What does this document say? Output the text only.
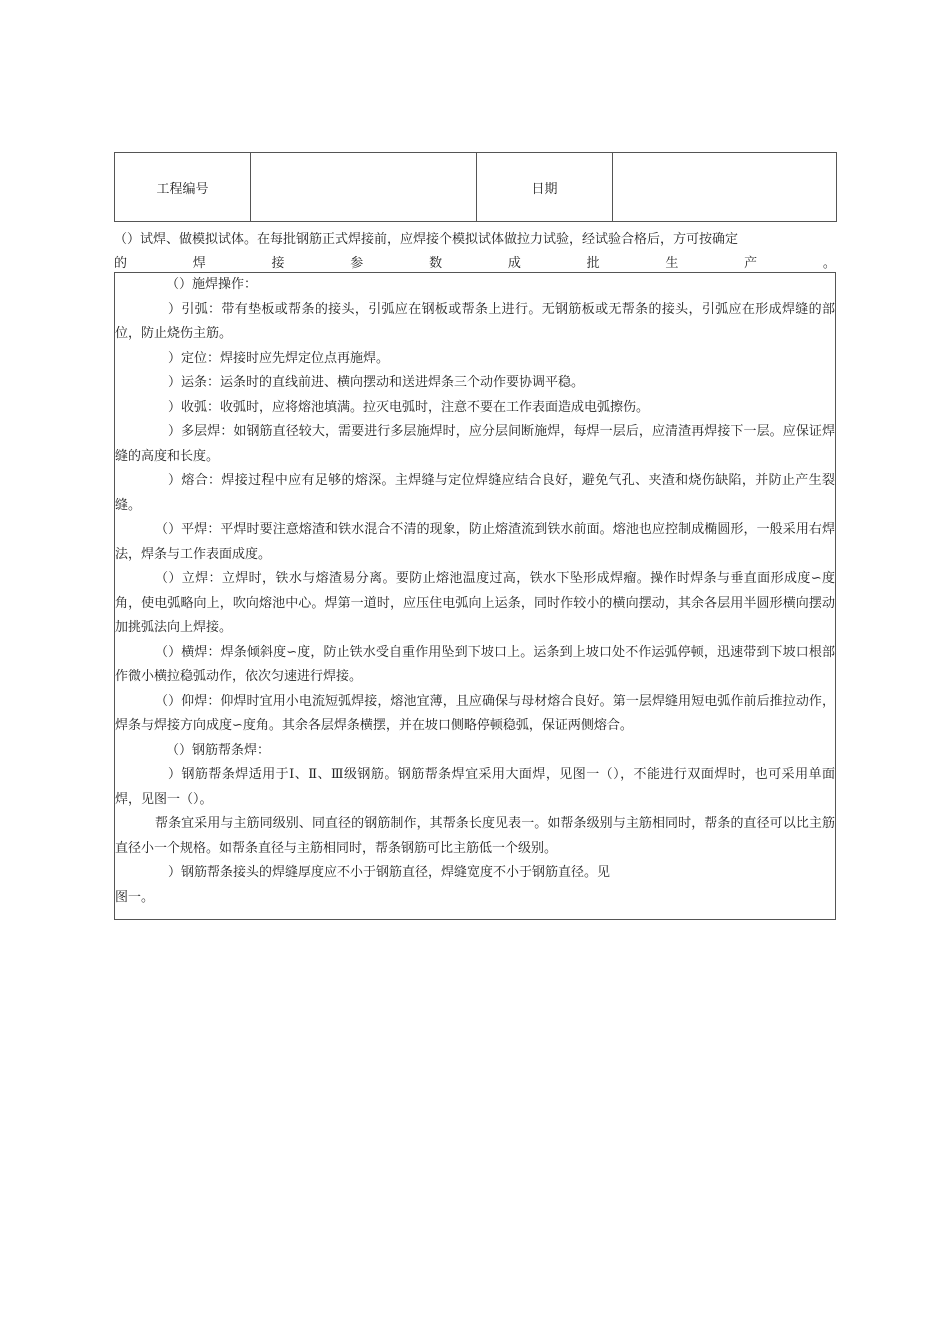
工程编号		日期	
（）试焊、做模拟试体。在每批钢筋正式焊接前，应焊接个模拟试体做拉力试验，经试验合格后，方可按确定
的	焊	接	参	数	成	批	生	产	。

（）施焊操作：

）引弧：带有垫板或帮条的接头，引弧应在钢板或帮条上进行。无钢筋板或无帮条的接头，引弧应在形成焊缝的部位，防止烧伤主筋。

）定位：焊接时应先焊定位点再施焊。

）运条：运条时的直线前进、横向摆动和送进焊条三个动作要协调平稳。

）收弧：收弧时，应将熔池填满。拉灭电弧时，注意不要在工作表面造成电弧擦伤。

）多层焊：如钢筋直径较大，需要进行多层施焊时，应分层间断施焊，每焊一层后，应清渣再焊接下一层。应保证焊缝的高度和长度。

）熔合：焊接过程中应有足够的熔深。主焊缝与定位焊缝应结合良好，避免气孔、夹渣和烧伤缺陷，并防止产生裂缝。

（）平焊：平焊时要注意熔渣和铁水混合不清的现象，防止熔渣流到铁水前面。熔池也应控制成椭圆形，一般采用右焊法，焊条与工作表面成度。

（）立焊：立焊时，铁水与熔渣易分离。要防止熔池温度过高，铁水下坠形成焊瘤。操作时焊条与垂直面形成度∽度角，使电弧略向上，吹向熔池中心。焊第一道时，应压住电弧向上运条，同时作较小的横向摆动，其余各层用半圆形横向摆动加挑弧法向上焊接。

（）横焊：焊条倾斜度∽度，防止铁水受自重作用坠到下坡口上。运条到上坡口处不作运弧停顿，迅速带到下坡口根部作微小横拉稳弧动作，依次匀速进行焊接。

（）仰焊：仰焊时宜用小电流短弧焊接，熔池宜薄，且应确保与母材熔合良好。第一层焊缝用短电弧作前后推拉动作，焊条与焊接方向成度∽度角。其余各层焊条横摆，并在坡口侧略停顿稳弧，保证两侧熔合。

（）钢筋帮条焊：

）钢筋帮条焊适用于Ⅰ、Ⅱ、Ⅲ级钢筋。钢筋帮条焊宜采用大面焊，见图一（），不能进行双面焊时，也可采用单面焊，见图一（）。

帮条宜采用与主筋同级别、同直径的钢筋制作，其帮条长度见表一。如帮条级别与主筋相同时，帮条的直径可以比主筋直径小一个规格。如帮条直径与主筋相同时，帮条钢筋可比主筋低一个级别。

）钢筋帮条接头的焊缝厚度应不小于钢筋直径，焊缝宽度不小于钢筋直径。见

图一。
